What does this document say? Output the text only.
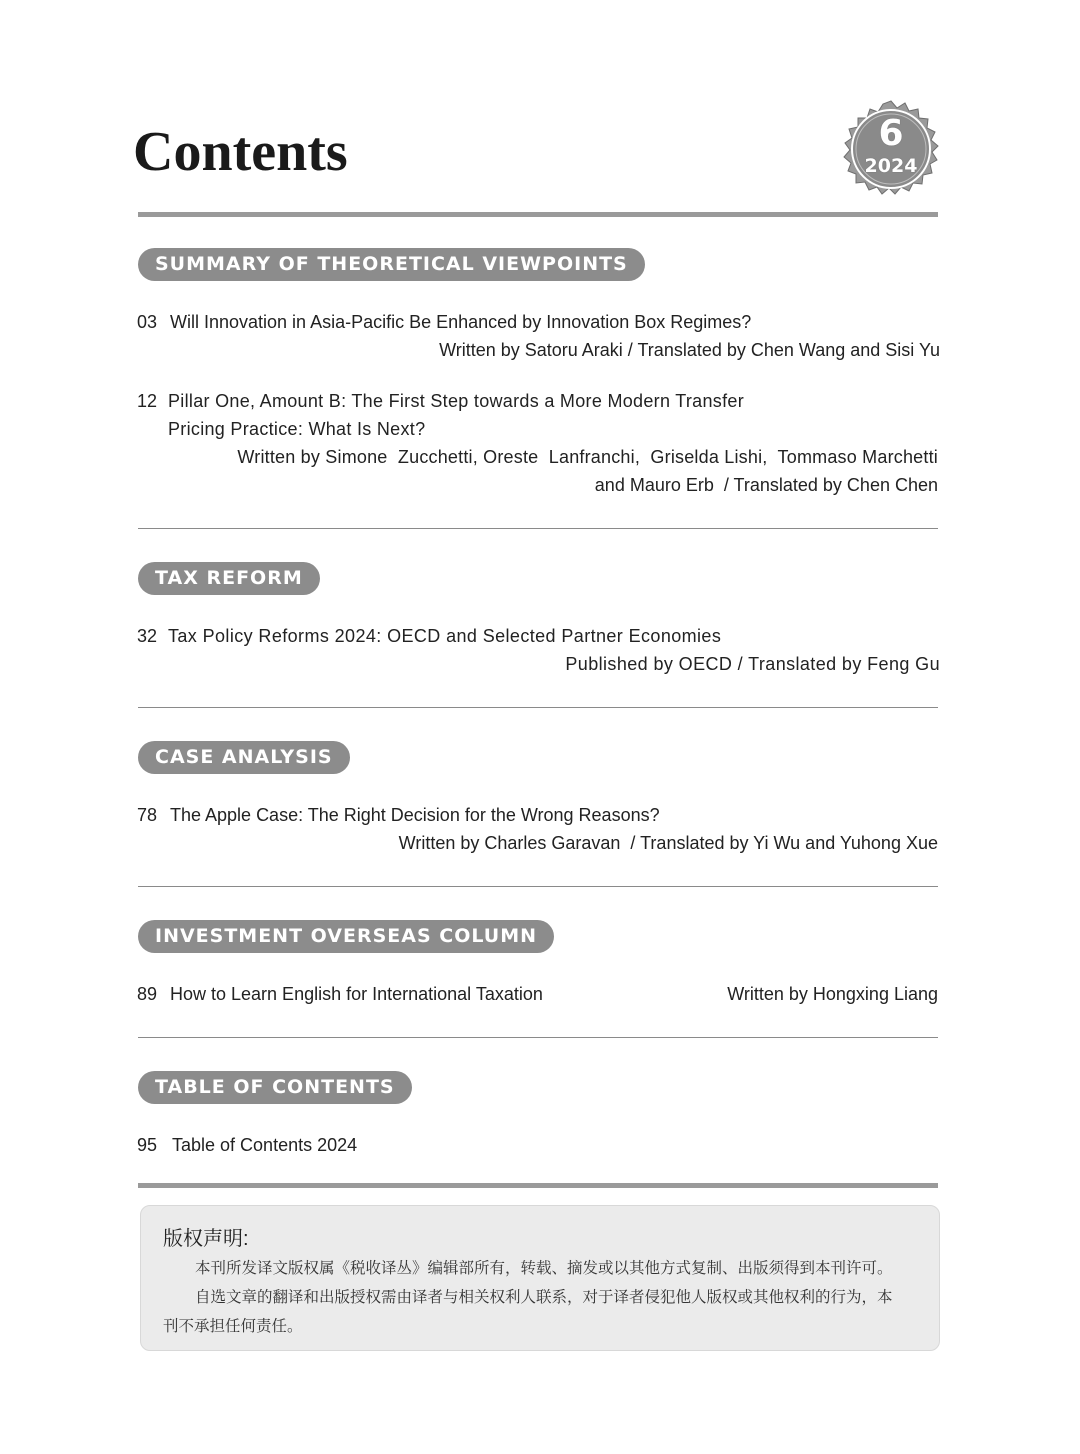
Contents	6
2024
SUMMARY OF THEORETICAL VIEWPOINTS
03 Will Innovation in Asia-Pacific Be Enhanced by Innovation Box Regimes?
Written by Satoru Araki / Translated by Chen Wang and Sisi Yu
12 Pillar One, Amount B: The First Step towards a More Modern Transfer
Pricing Practice: What Is Next?
Written by Simone  Zucchetti, Oreste  Lanfranchi,  Griselda Lishi,  Tommaso Marchetti
and Mauro Erb  / Translated by Chen Chen
TAX REFORM
32 Tax Policy Reforms 2024: OECD and Selected Partner Economies
Published by OECD / Translated by Feng Gu
CASE ANALYSIS
78 The Apple Case: The Right Decision for the Wrong Reasons?
Written by Charles Garavan  / Translated by Yi Wu and Yuhong Xue
INVESTMENT OVERSEAS COLUMN
89 How to Learn English for International Taxation	Written by Hongxing Liang
TABLE OF CONTENTS
95 Table of Contents 2024
版权声明:
本刊所发译文版权属《税收译丛》编辑部所有，转载、摘发或以其他方式复制、出版须得到本刊许可。
自选文章的翻译和出版授权需由译者与相关权利人联系，对于译者侵犯他人版权或其他权利的行为，本
刊不承担任何责任。
